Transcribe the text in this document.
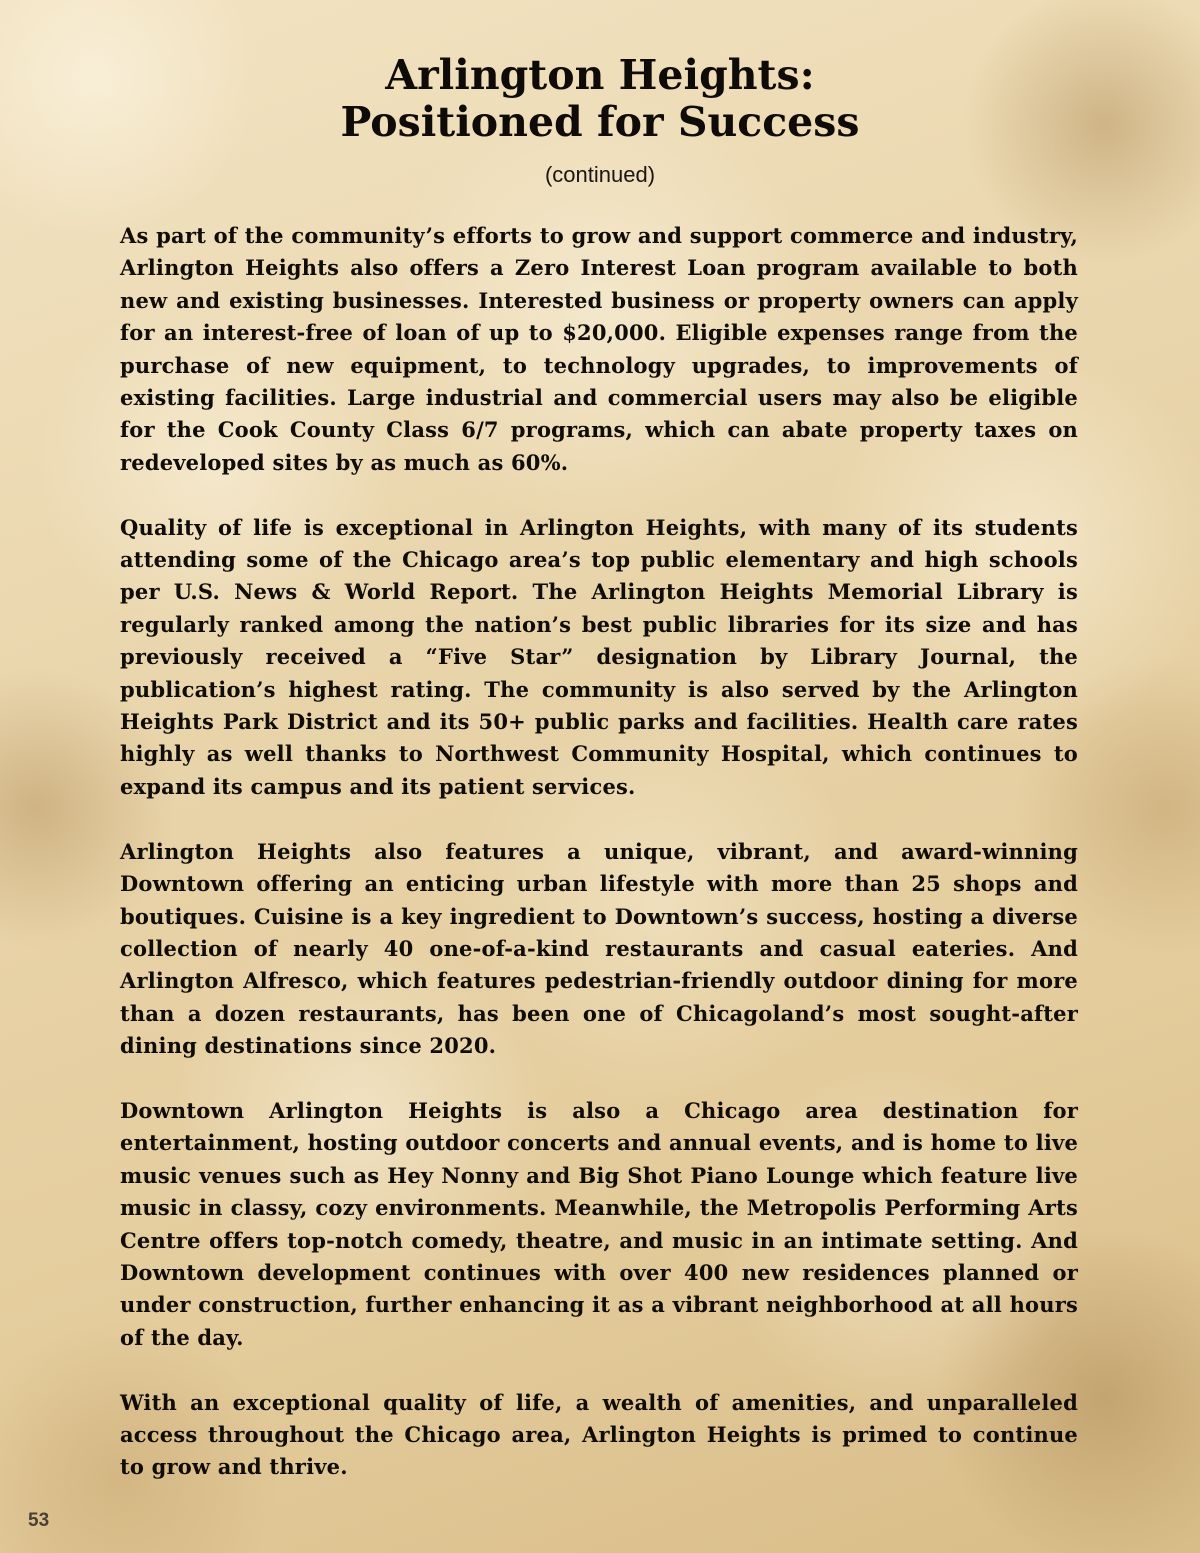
Arlington Heights:
Positioned for Success
(continued)

As part of the community’s efforts to grow and support commerce and industry, Arlington Heights also offers a Zero Interest Loan program available to both new and existing businesses. Interested business or property owners can apply for an interest-free of loan of up to $20,000. Eligible expenses range from the purchase of new equipment, to technology upgrades, to improvements of existing facilities. Large industrial and commercial users may also be eligible for the Cook County Class 6/7 programs, which can abate property taxes on redeveloped sites by as much as 60%.

Quality of life is exceptional in Arlington Heights, with many of its students attending some of the Chicago area’s top public elementary and high schools per U.S. News & World Report. The Arlington Heights Memorial Library is regularly ranked among the nation’s best public libraries for its size and has previously received a “Five Star” designation by Library Journal, the publication’s highest rating. The community is also served by the Arlington Heights Park District and its 50+ public parks and facilities. Health care rates highly as well thanks to Northwest Community Hospital, which continues to expand its campus and its patient services.

Arlington Heights also features a unique, vibrant, and award-winning Downtown offering an enticing urban lifestyle with more than 25 shops and boutiques. Cuisine is a key ingredient to Downtown’s success, hosting a diverse collection of nearly 40 one-of-a-kind restaurants and casual eateries. And Arlington Alfresco, which features pedestrian-friendly outdoor dining for more than a dozen restaurants, has been one of Chicagoland’s most sought-after dining destinations since 2020.

Downtown Arlington Heights is also a Chicago area destination for entertainment, hosting outdoor concerts and annual events, and is home to live music venues such as Hey Nonny and Big Shot Piano Lounge which feature live music in classy, cozy environments. Meanwhile, the Metropolis Performing Arts Centre offers top-notch comedy, theatre, and music in an intimate setting. And Downtown development continues with over 400 new residences planned or under construction, further enhancing it as a vibrant neighborhood at all hours of the day.

With an exceptional quality of life, a wealth of amenities, and unparalleled access throughout the Chicago area, Arlington Heights is primed to continue to grow and thrive.

53
